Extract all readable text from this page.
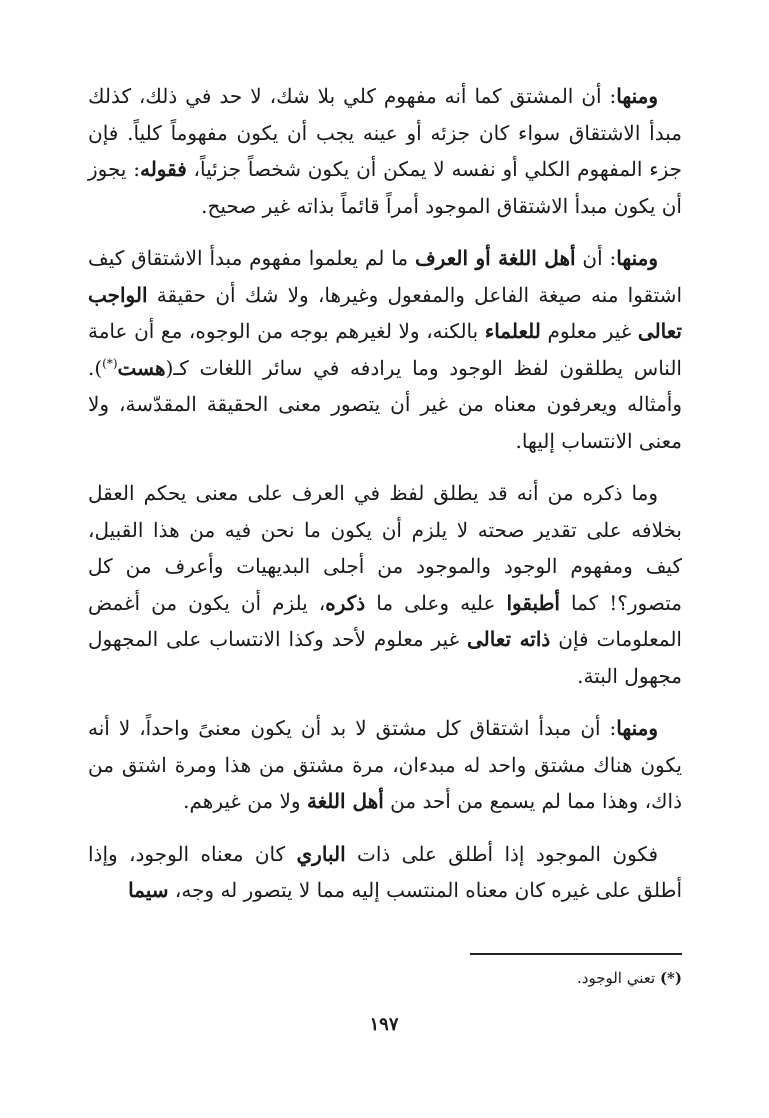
ومنها: أن المشتق كما أنه مفهوم كلي بلا شك، لا حد في ذلك، كذلك مبدأ الاشتقاق سواء كان جزئه أو عينه يجب أن يكون مفهوماً كلياً. فإن جزء المفهوم الكلي أو نفسه لا يمكن أن يكون شخصاً جزئياً، فقوله: يجوز أن يكون مبدأ الاشتقاق الموجود أمراً قائماً بذاته غير صحيح.

ومنها: أن أهل اللغة أو العرف ما لم يعلموا مفهوم مبدأ الاشتقاق كيف اشتقوا منه صيغة الفاعل والمفعول وغيرها، ولا شك أن حقيقة الواجب تعالى غير معلوم للعلماء بالكنه، ولا لغيرهم بوجه من الوجوه، مع أن عامة الناس يطلقون لفظ الوجود وما يرادفه في سائر اللغات كـ(هست(*)). وأمثاله ويعرفون معناه من غير أن يتصور معنى الحقيقة المقدّسة، ولا معنى الانتساب إليها.

وما ذكره من أنه قد يطلق لفظ في العرف على معنى يحكم العقل بخلافه على تقدير صحته لا يلزم أن يكون ما نحن فيه من هذا القبيل، كيف ومفهوم الوجود والموجود من أجلى البديهيات وأعرف من كل متصور؟! كما أطبقوا عليه وعلى ما ذكره، يلزم أن يكون من أغمض المعلومات فإن ذاته تعالى غير معلوم لأحد وكذا الانتساب على المجهول مجهول البتة.

ومنها: أن مبدأ اشتقاق كل مشتق لا بد أن يكون معنىً واحداً، لا أنه يكون هناك مشتق واحد له مبدءان، مرة مشتق من هذا ومرة اشتق من ذاك، وهذا مما لم يسمع من أحد من أهل اللغة ولا من غيرهم.

فكون الموجود إذا أطلق على ذات الباري كان معناه الوجود، وإذا أطلق على غيره كان معناه المنتسب إليه مما لا يتصور له وجه، سيما

(*) تعني الوجود.
١٩٧
